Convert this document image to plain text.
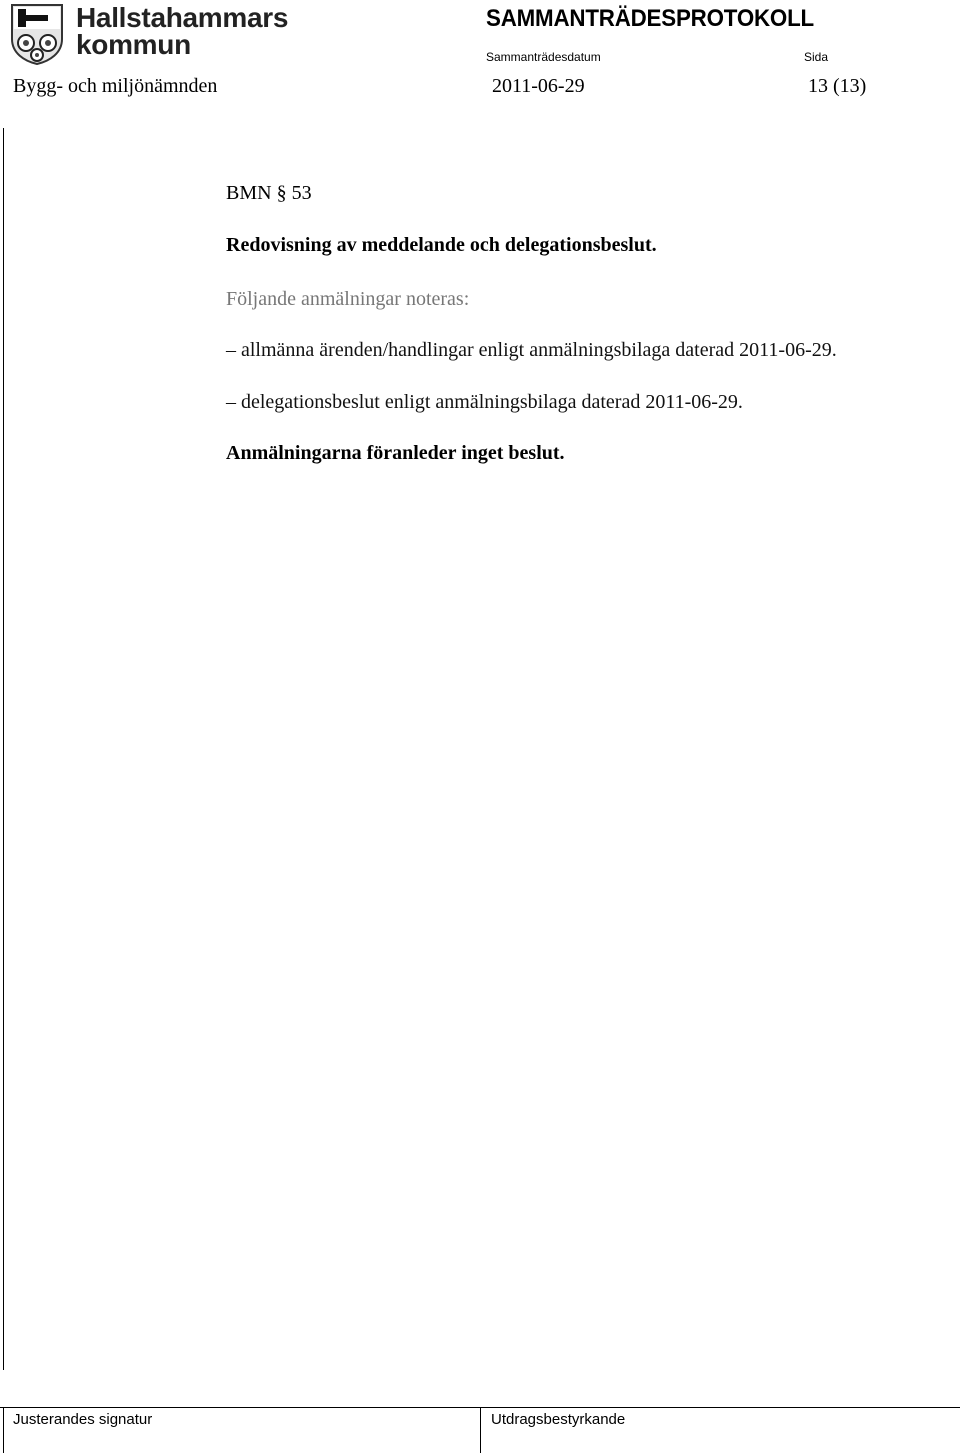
Hallstahammars
kommun
SAMMANTRÄDESPROTOKOLL
Sammanträdesdatum	Sida
Bygg- och miljönämnden	2011-06-29	13 (13)
BMN § 53
Redovisning av meddelande och delegationsbeslut.
Följande anmälningar noteras:
– allmänna ärenden/handlingar enligt anmälningsbilaga daterad 2011-06-29.
– delegationsbeslut enligt anmälningsbilaga daterad 2011-06-29.
Anmälningarna föranleder inget beslut.
Justerandes signatur	Utdragsbestyrkande
